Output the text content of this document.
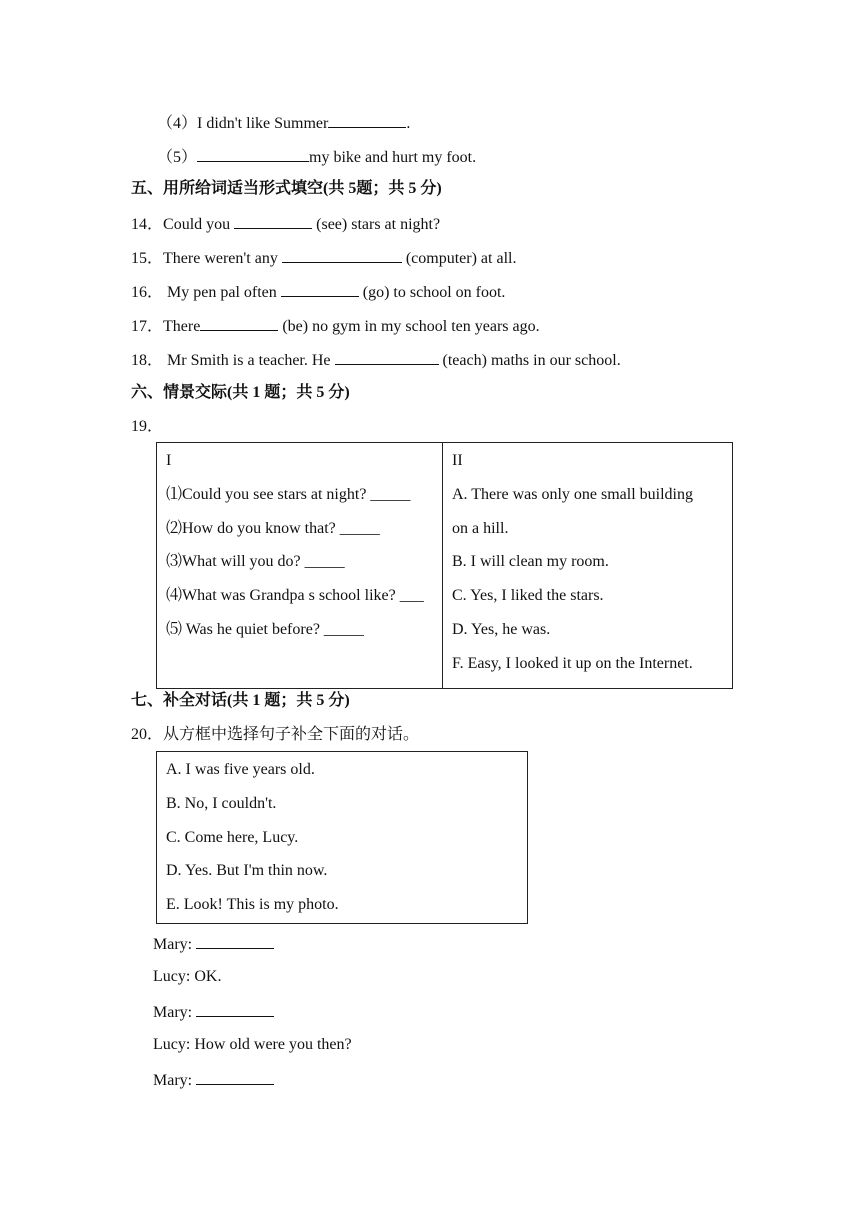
（4）I didn't like Summer	.
（5）	my bike and hurt my foot.
五、用所给词适当形式填空(共 5题；共 5 分)
14．Could you	(see) stars at night?
15．There weren't any	(computer) at all.
16． My pen pal often	(go) to school on foot.
17．There	(be) no gym in my school ten years ago.
18． Mr Smith is a teacher. He	(teach) maths in our school.
六、情景交际(共 1 题；共 5 分)
19．
I
⑴Could you see stars at night? _____
⑵How do you know that? _____
⑶What will you do? _____
⑷What was Grandpa s school like? ___
⑸ Was he quiet before? _____

II
A. There was only one small building
on a hill.
B. I will clean my room.
C. Yes, I liked the stars.
D. Yes, he was.
F. Easy, I looked it up on the Internet.
七、补全对话(共 1 题；共 5 分)
20．从方框中选择句子补全下面的对话。
A. I was five years old.
B. No, I couldn't.
C. Come here, Lucy.
D. Yes. But I'm thin now.
E. Look! This is my photo.
Mary:
Lucy: OK.
Mary:
Lucy: How old were you then?
Mary:
